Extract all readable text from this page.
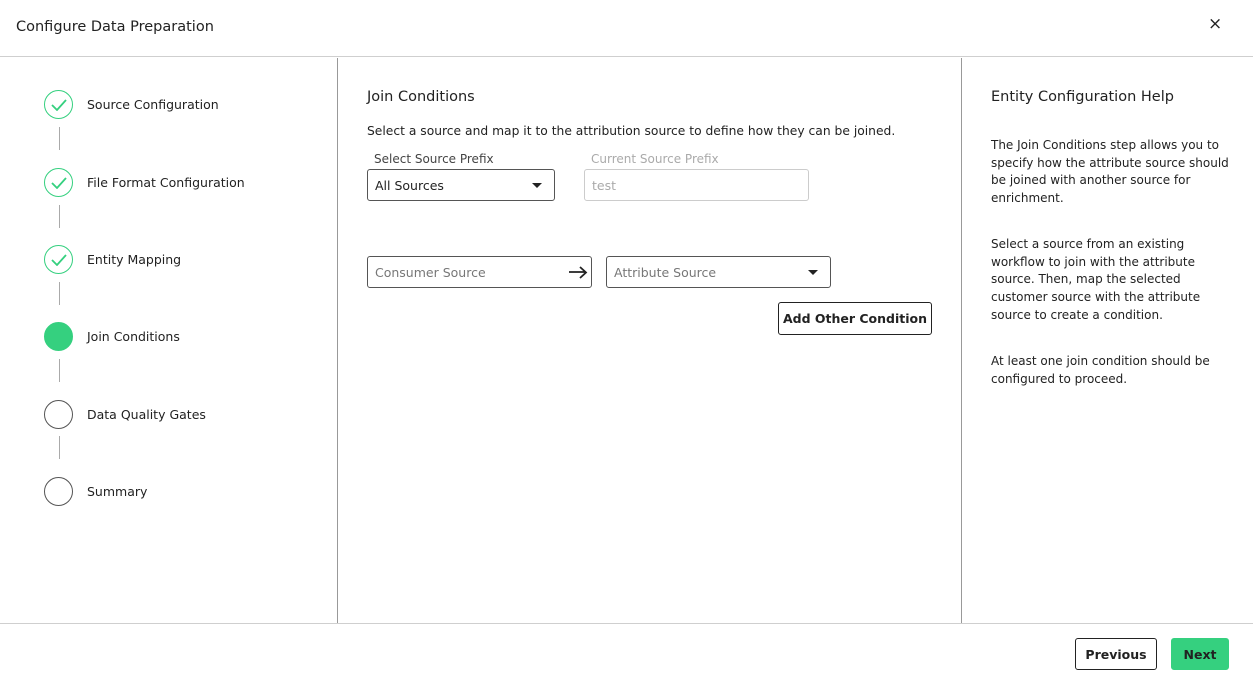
Configure Data Preparation	×
Source Configuration
File Format Configuration
Entity Mapping
Join Conditions
Data Quality Gates
Summary
Join Conditions
Select a source and map it to the attribution source to define how they can be joined.
Select Source Prefix
All Sources
Current Source Prefix
test
Consumer Source	Attribute Source
Add Other Condition
Entity Configuration Help

The Join Conditions step allows you to specify how the attribute source should be joined with another source for enrichment.

Select a source from an existing workflow to join with the attribute source. Then, map the selected customer source with the attribute source to create a condition.

At least one join condition should be configured to proceed.

Previous	Next
